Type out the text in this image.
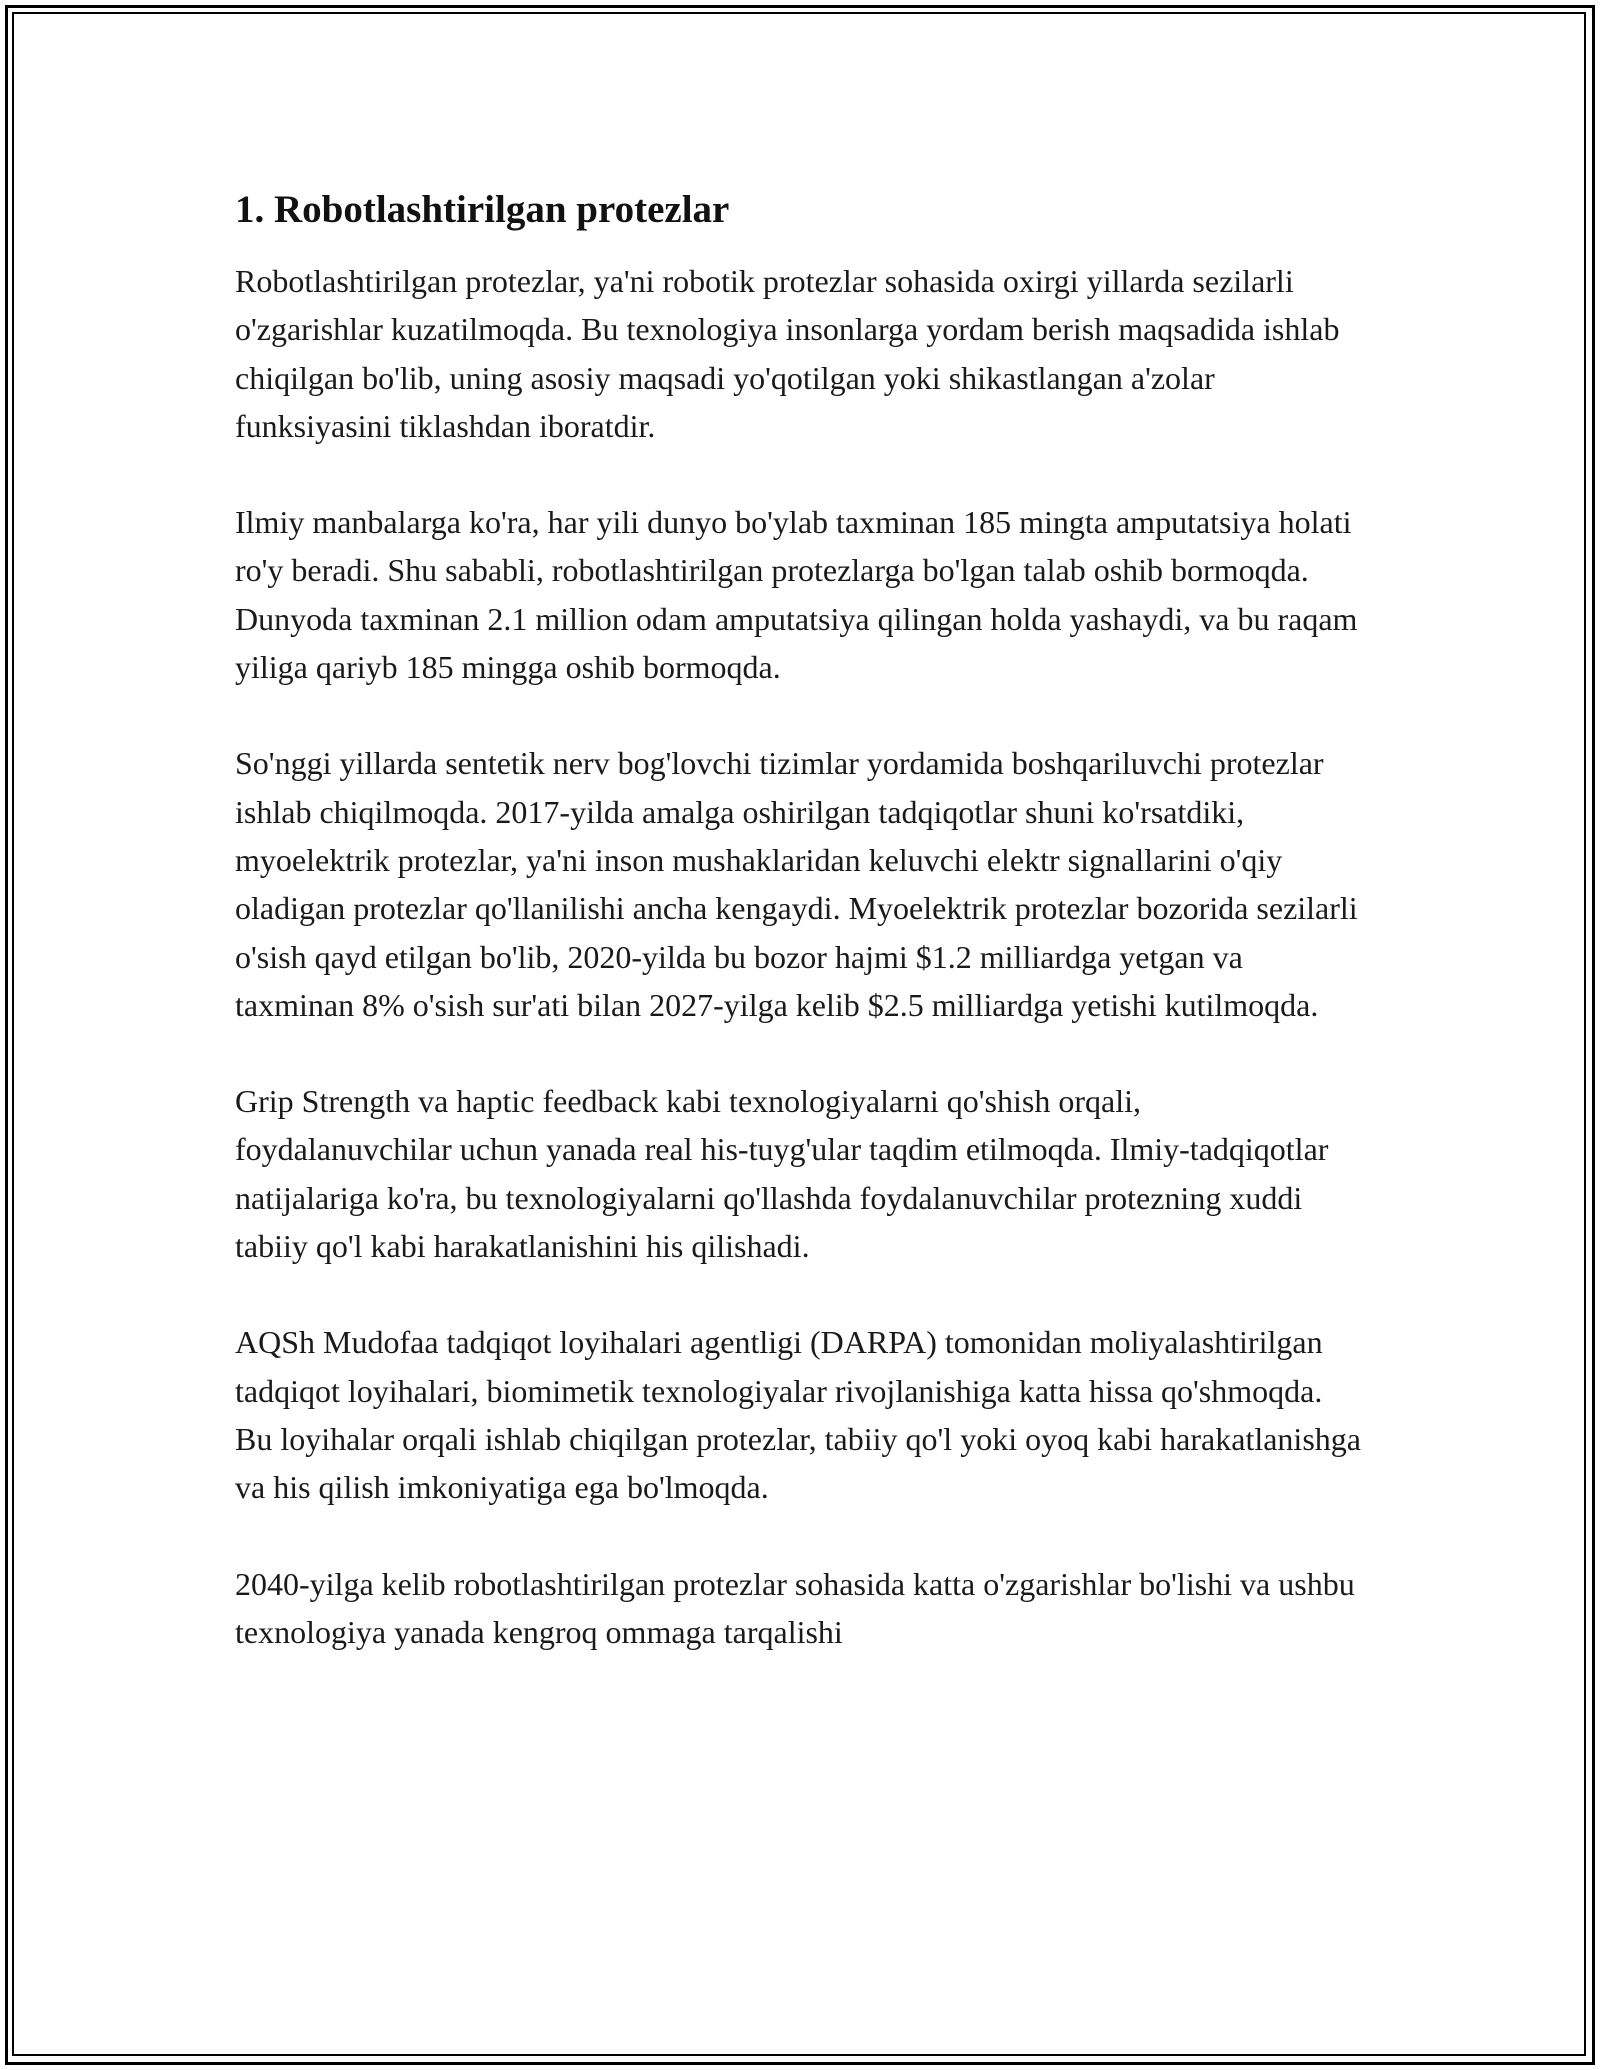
1. Robotlashtirilgan protezlar

Robotlashtirilgan protezlar, ya'ni robotik protezlar sohasida oxirgi yillarda sezilarli o'zgarishlar kuzatilmoqda. Bu texnologiya insonlarga yordam berish maqsadida ishlab chiqilgan bo'lib, uning asosiy maqsadi yo'qotilgan yoki shikastlangan a'zolar funksiyasini tiklashdan iboratdir.

Ilmiy manbalarga ko'ra, har yili dunyo bo'ylab taxminan 185 mingta amputatsiya holati ro'y beradi. Shu sababli, robotlashtirilgan protezlarga bo'lgan talab oshib bormoqda. Dunyoda taxminan 2.1 million odam amputatsiya qilingan holda yashaydi, va bu raqam yiliga qariyb 185 mingga oshib bormoqda.

So'nggi yillarda sentetik nerv bog'lovchi tizimlar yordamida boshqariluvchi protezlar ishlab chiqilmoqda. 2017-yilda amalga oshirilgan tadqiqotlar shuni ko'rsatdiki, myoelektrik protezlar, ya'ni inson mushaklaridan keluvchi elektr signallarini o'qiy oladigan protezlar qo'llanilishi ancha kengaydi. Myoelektrik protezlar bozorida sezilarli o'sish qayd etilgan bo'lib, 2020-yilda bu bozor hajmi $1.2 milliardga yetgan va taxminan 8% o'sish sur'ati bilan 2027-yilga kelib $2.5 milliardga yetishi kutilmoqda.

Grip Strength va haptic feedback kabi texnologiyalarni qo'shish orqali, foydalanuvchilar uchun yanada real his-tuyg'ular taqdim etilmoqda. Ilmiy-tadqiqotlar natijalariga ko'ra, bu texnologiyalarni qo'llashda foydalanuvchilar protezning xuddi tabiiy qo'l kabi harakatlanishini his qilishadi.

AQSh Mudofaa tadqiqot loyihalari agentligi (DARPA) tomonidan moliyalashtirilgan tadqiqot loyihalari, biomimetik texnologiyalar rivojlanishiga katta hissa qo'shmoqda. Bu loyihalar orqali ishlab chiqilgan protezlar, tabiiy qo'l yoki oyoq kabi harakatlanishga va his qilish imkoniyatiga ega bo'lmoqda.

2040-yilga kelib robotlashtirilgan protezlar sohasida katta o'zgarishlar bo'lishi va ushbu texnologiya yanada kengroq ommaga tarqalishi
